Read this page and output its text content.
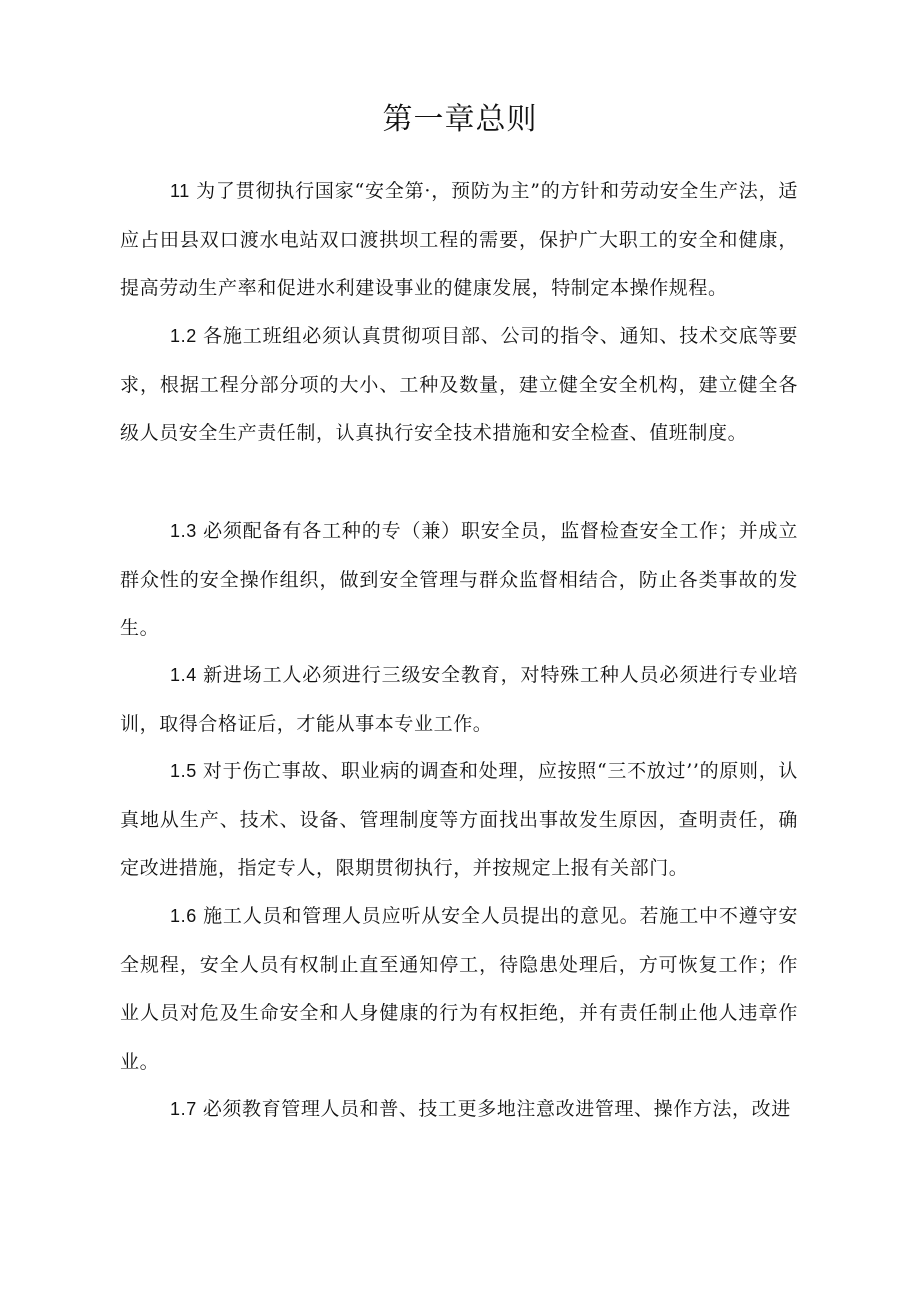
第一章总则

11 为了贯彻执行国家“安全第·，预防为主”的方针和劳动安全生产法，适应占田县双口渡水电站双口渡拱坝工程的需要，保护广大职工的安全和健康，提高劳动生产率和促进水利建设事业的健康发展，特制定本操作规程。

1.2 各施工班组必须认真贯彻项目部、公司的指令、通知、技术交底等要求，根据工程分部分项的大小、工种及数量，建立健全安全机构，建立健全各级人员安全生产责任制，认真执行安全技术措施和安全检查、值班制度。

1.3 必须配备有各工种的专（兼）职安全员，监督检查安全工作；并成立群众性的安全操作组织，做到安全管理与群众监督相结合，防止各类事故的发生。

1.4 新进场工人必须进行三级安全教育，对特殊工种人员必须进行专业培训，取得合格证后，才能从事本专业工作。

1.5 对于伤亡事故、职业病的调查和处理，应按照“三不放过’’的原则，认真地从生产、技术、设备、管理制度等方面找出事故发生原因，查明责任，确定改进措施，指定专人，限期贯彻执行，并按规定上报有关部门。

1.6 施工人员和管理人员应听从安全人员提出的意见。若施工中不遵守安全规程，安全人员有权制止直至通知停工，待隐患处理后，方可恢复工作；作业人员对危及生命安全和人身健康的行为有权拒绝，并有责任制止他人违章作业。

1.7 必须教育管理人员和普、技工更多地注意改进管理、操作方法，改进
